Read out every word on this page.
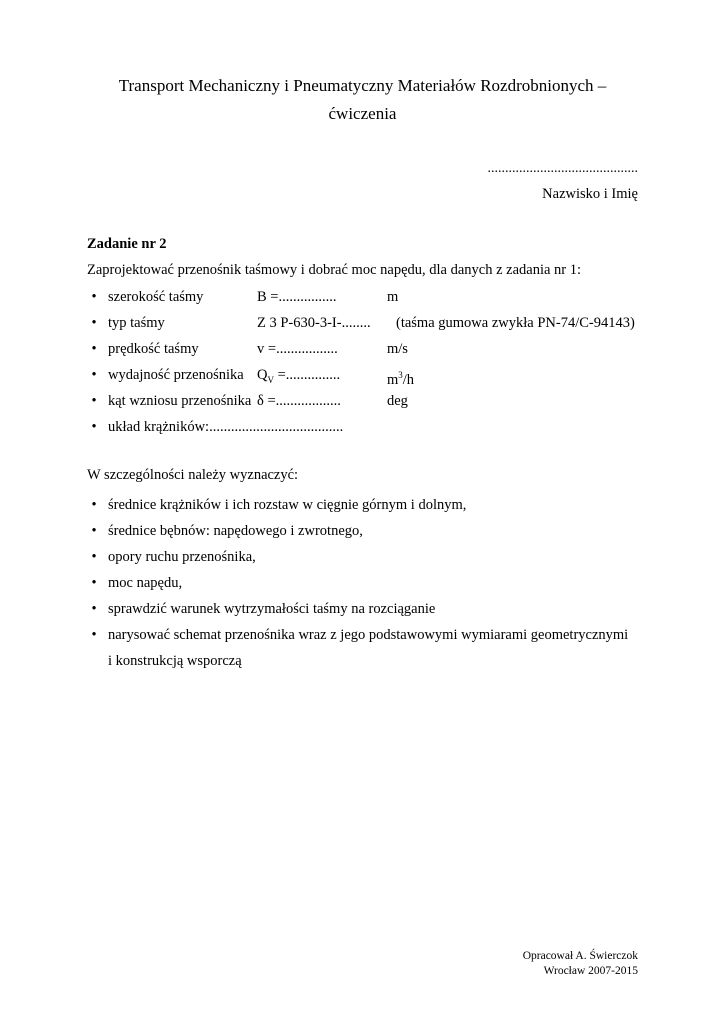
Transport Mechaniczny i Pneumatyczny Materiałów Rozdrobnionych –
ćwiczenia
...........................................
Nazwisko i Imię
Zadanie nr 2
Zaprojektować przenośnik taśmowy i dobrać moc napędu, dla danych z zadania nr 1:
• szerokość taśmy	B =................	m
• typ taśmy	Z 3 P-630-3-I-........ (taśma gumowa zwykła PN-74/C-94143)
• prędkość taśmy	v =.................	m/s
• wydajność przenośnika $Q_V$ =...............	$m^3/h$
• kąt wzniosu przenośnika δ =..................	deg
• układ krążników:.....................................
W szczególności należy wyznaczyć:
• średnice krążników i ich rozstaw w cięgnie górnym i dolnym,
• średnice bębnów: napędowego i zwrotnego,
• opory ruchu przenośnika,
• moc napędu,
• sprawdzić warunek wytrzymałości taśmy na rozciąganie
• narysować schemat przenośnika wraz z jego podstawowymi wymiarami geometrycznymi
i konstrukcją wsporczą
Opracował A. Świerczok
Wrocław 2007-2015
